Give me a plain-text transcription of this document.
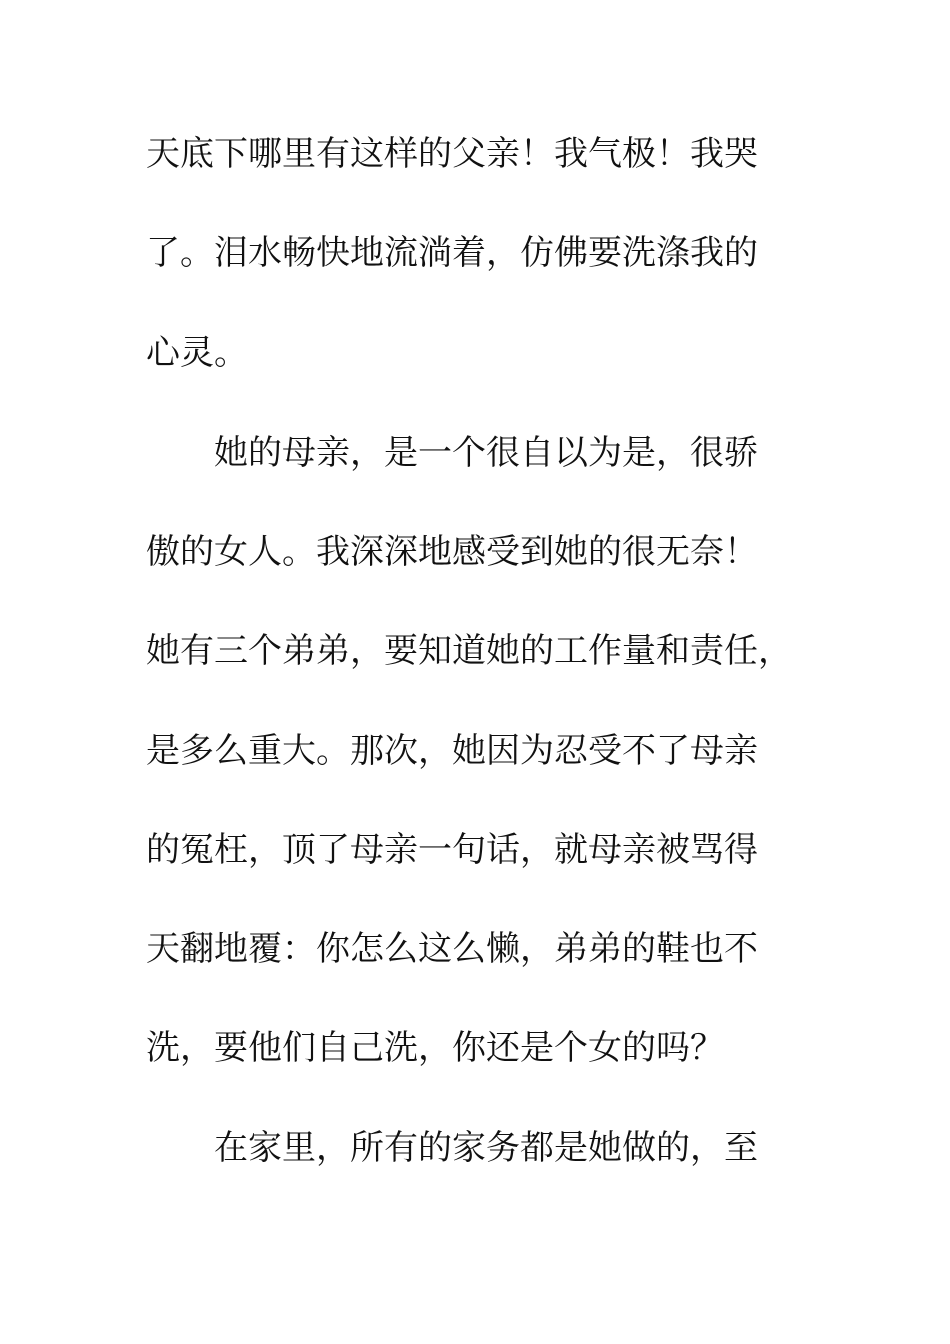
天底下哪里有这样的父亲！我气极！我哭
了。泪水畅快地流淌着，仿佛要洗涤我的
心灵。
她的母亲，是一个很自以为是，很骄
傲的女人。我深深地感受到她的很无奈！
她有三个弟弟，要知道她的工作量和责任，
是多么重大。那次，她因为忍受不了母亲
的冤枉，顶了母亲一句话，就母亲被骂得
天翻地覆：你怎么这么懒，弟弟的鞋也不
洗，要他们自己洗，你还是个女的吗？
在家里，所有的家务都是她做的，至
